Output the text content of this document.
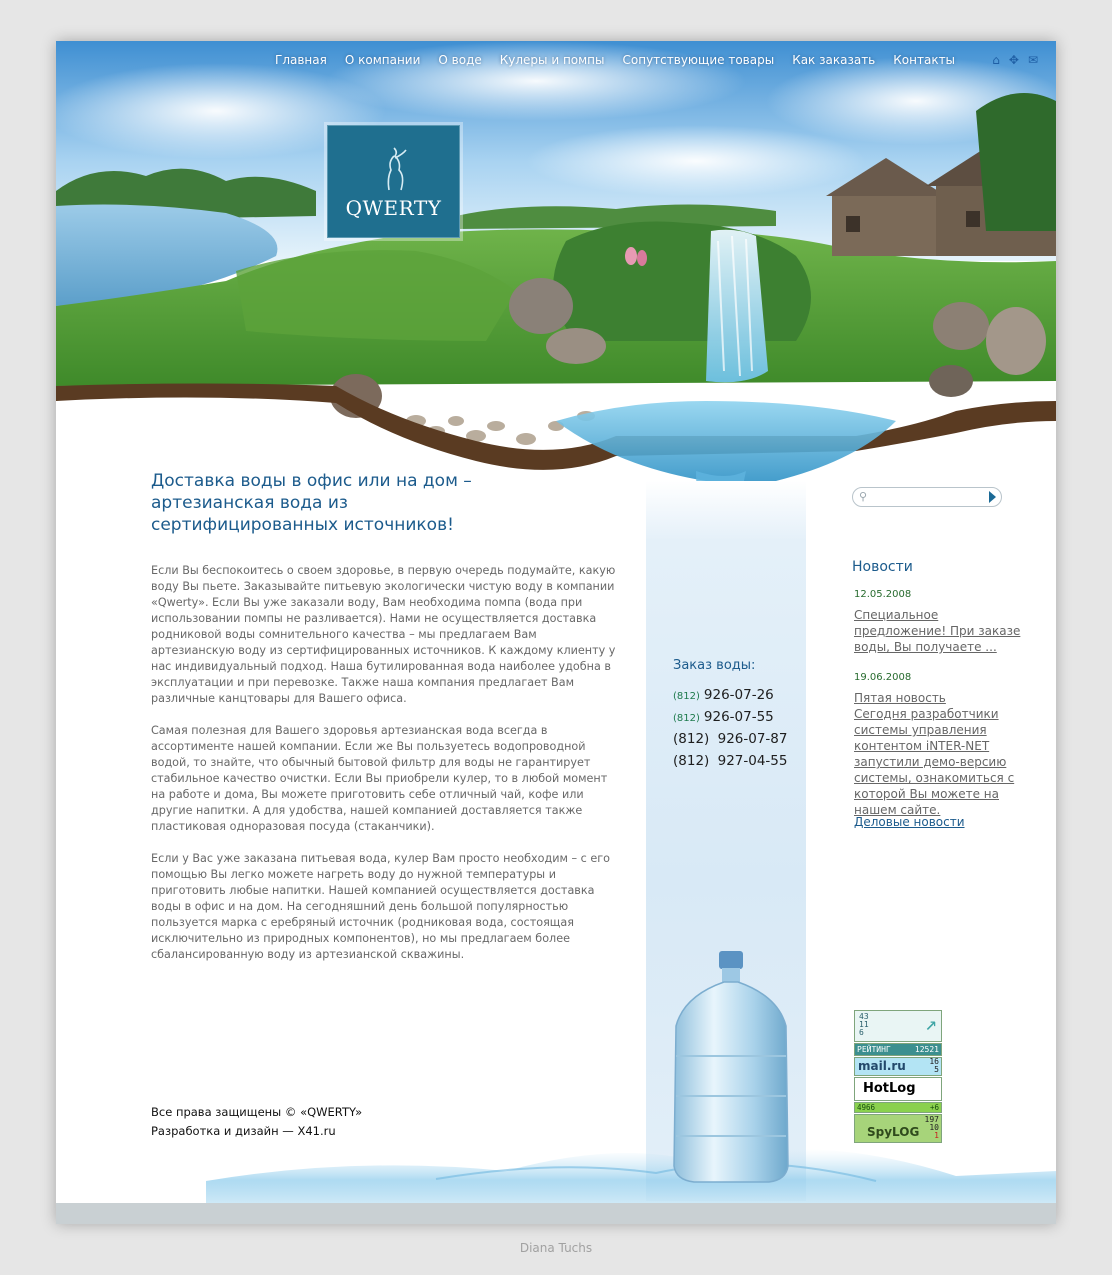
Главная	О компании	О воде	Кулеры и помпы	Сопутствующие товары	Как заказать	Контакты	⌂ ✥ ✉
QWERTY
Доставка воды в офис или на дом – артезианская вода из сертифицированных источников!

Если Вы беспокоитесь о своем здоровье, в первую очередь подумайте, какую воду Вы пьете. Заказывайте питьевую экологически чистую воду в компании «Qwerty». Если Вы уже заказали воду, Вам необходима помпа (вода при использовании помпы не разливается). Нами не осуществляется доставка родниковой воды сомнительного качества – мы предлагаем Вам артезианскую воду из сертифицированных источников. К каждому клиенту у нас индивидуальный подход. Наша бутилированная вода наиболее удобна в эксплуатации и при перевозке. Также наша компания предлагает Вам различные канцтовары для Вашего офиса.

Самая полезная для Вашего здоровья артезианская вода всегда в ассортименте нашей компании. Если же Вы пользуетесь водопроводной водой, то знайте, что обычный бытовой фильтр для воды не гарантирует стабильное качество очистки. Если Вы приобрели кулер, то в любой момент на работе и дома, Вы можете приготовить себе отличный чай, кофе или другие напитки. А для удобства, нашей компанией доставляется также пластиковая одноразовая посуда (стаканчики).

Если у Вас уже заказана питьевая вода, кулер Вам просто необходим – с его помощью Вы легко можете нагреть воду до нужной температуры и приготовить любые напитки. Нашей компанией осуществляется доставка воды в офис и на дом. На сегодняшний день большой популярностью пользуется марка с еребряный источник (родниковая вода, состоящая исключительно из природных компонентов), но мы предлагаем более сбалансированную воду из артезианской скважины.

Заказ воды:
(812) 926-07-26
(812) 926-07-55
(812) 926-07-87
(812) 927-04-55
⚲
Новости
12.05.2008
Специальное предложение! При заказе воды, Вы получаете ...
19.06.2008
Пятая новость
Сегодня разработчики системы управления контентом iNTER-NET запустили демо-версию системы, ознакомиться с которой Вы можете на нашем сайте.
Деловые новости
43
11
6	↗
РЕЙТИНГ	12521
mail.ru	16
5
HotLog
4966	+6
SpyLOG
197
10
1
Все права защищены © «QWERTY»
Разработка и дизайн — X41.ru
Diana Tuchs
